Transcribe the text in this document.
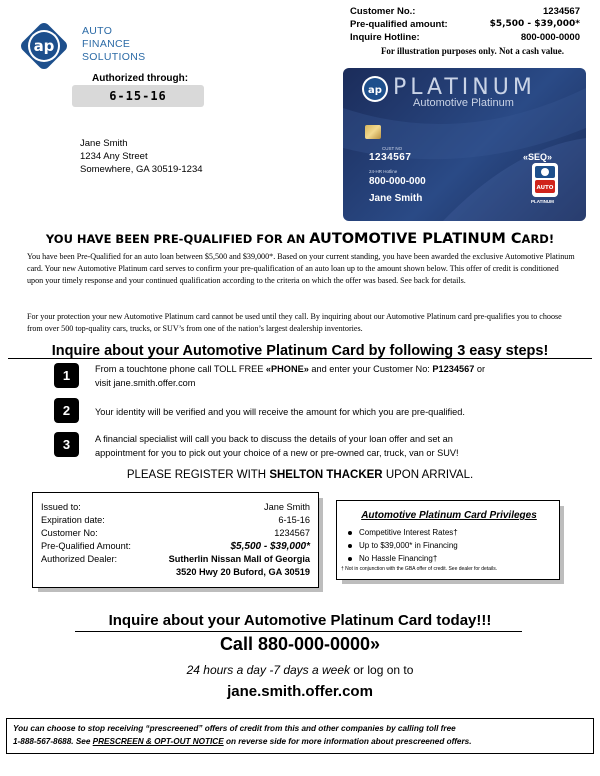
ap
AUTO
FINANCE
SOLUTIONS
Authorized through:
6-15-16
Jane Smith
1234 Any Street
Somewhere, GA 30519-1234
Customer No.:	1234567
Pre-qualified amount:	$5,500 - $39,000*
Inquire Hotline:	800-000-0000
For illustration purposes only. Not a cash value.
ap PLATINUM
Automotive Platinum
CUST NO
1234567
24-HR Hotline
800-000-000
Jane Smith
«SEQ»
AUTO
PLATINUM
YOU HAVE BEEN PRE-QUALIFIED FOR AN AUTOMOTIVE PLATINUM CARD!
You have been Pre-Qualified for an auto loan between $5,500 and $39,000*. Based on your current standing, you have been awarded the exclusive Automotive Platinum card. Your new Automotive Platinum card serves to confirm your pre-qualification of an auto loan up to the amount shown below. This offer of credit is conditioned upon your timely response and your continued qualification according to the criteria on which the offer was based. See back for details.
For your protection your new Automotive Platinum card cannot be used until they call. By inquiring about our Automotive Platinum card pre-qualifies you to choose from over 500 top-quality cars, trucks, or SUV’s from one of the nation’s largest dealership inventories.
Inquire about your Automotive Platinum Card by following 3 easy steps!
1	From a touchtone phone call TOLL FREE «PHONE» and enter your Customer No: P1234567 or
visit jane.smith.offer.com
2	Your identity will be verified and you will receive the amount for which you are pre-qualified.
3	A financial specialist will call you back to discuss the details of your loan offer and set an
appointment for you to pick out your choice of a new or pre-owned car, truck, van or SUV!
PLEASE REGISTER WITH SHELTON THACKER UPON ARRIVAL.
Issued to:	Jane Smith
Expiration date:	6-15-16
Customer No:	1234567
Pre-Qualified Amount:	$5,500 - $39,000*
Authorized Dealer:	Sutherlin Nissan Mall of Georgia
3520 Hwy 20 Buford, GA 30519
Automotive Platinum Card Privileges
Competitive Interest Rates†
Up to $39,000* in Financing
No Hassle Financing†
† Not in conjunction with the GBA offer of credit. See dealer for details.
Inquire about your Automotive Platinum Card today!!!
Call 880-000-0000»
24 hours a day -7 days a week or log on to
jane.smith.offer.com
You can choose to stop receiving “prescreened” offers of credit from this and other companies by calling toll free
1-888-567-8688. See PRESCREEN & OPT-OUT NOTICE on reverse side for more information about prescreened offers.
